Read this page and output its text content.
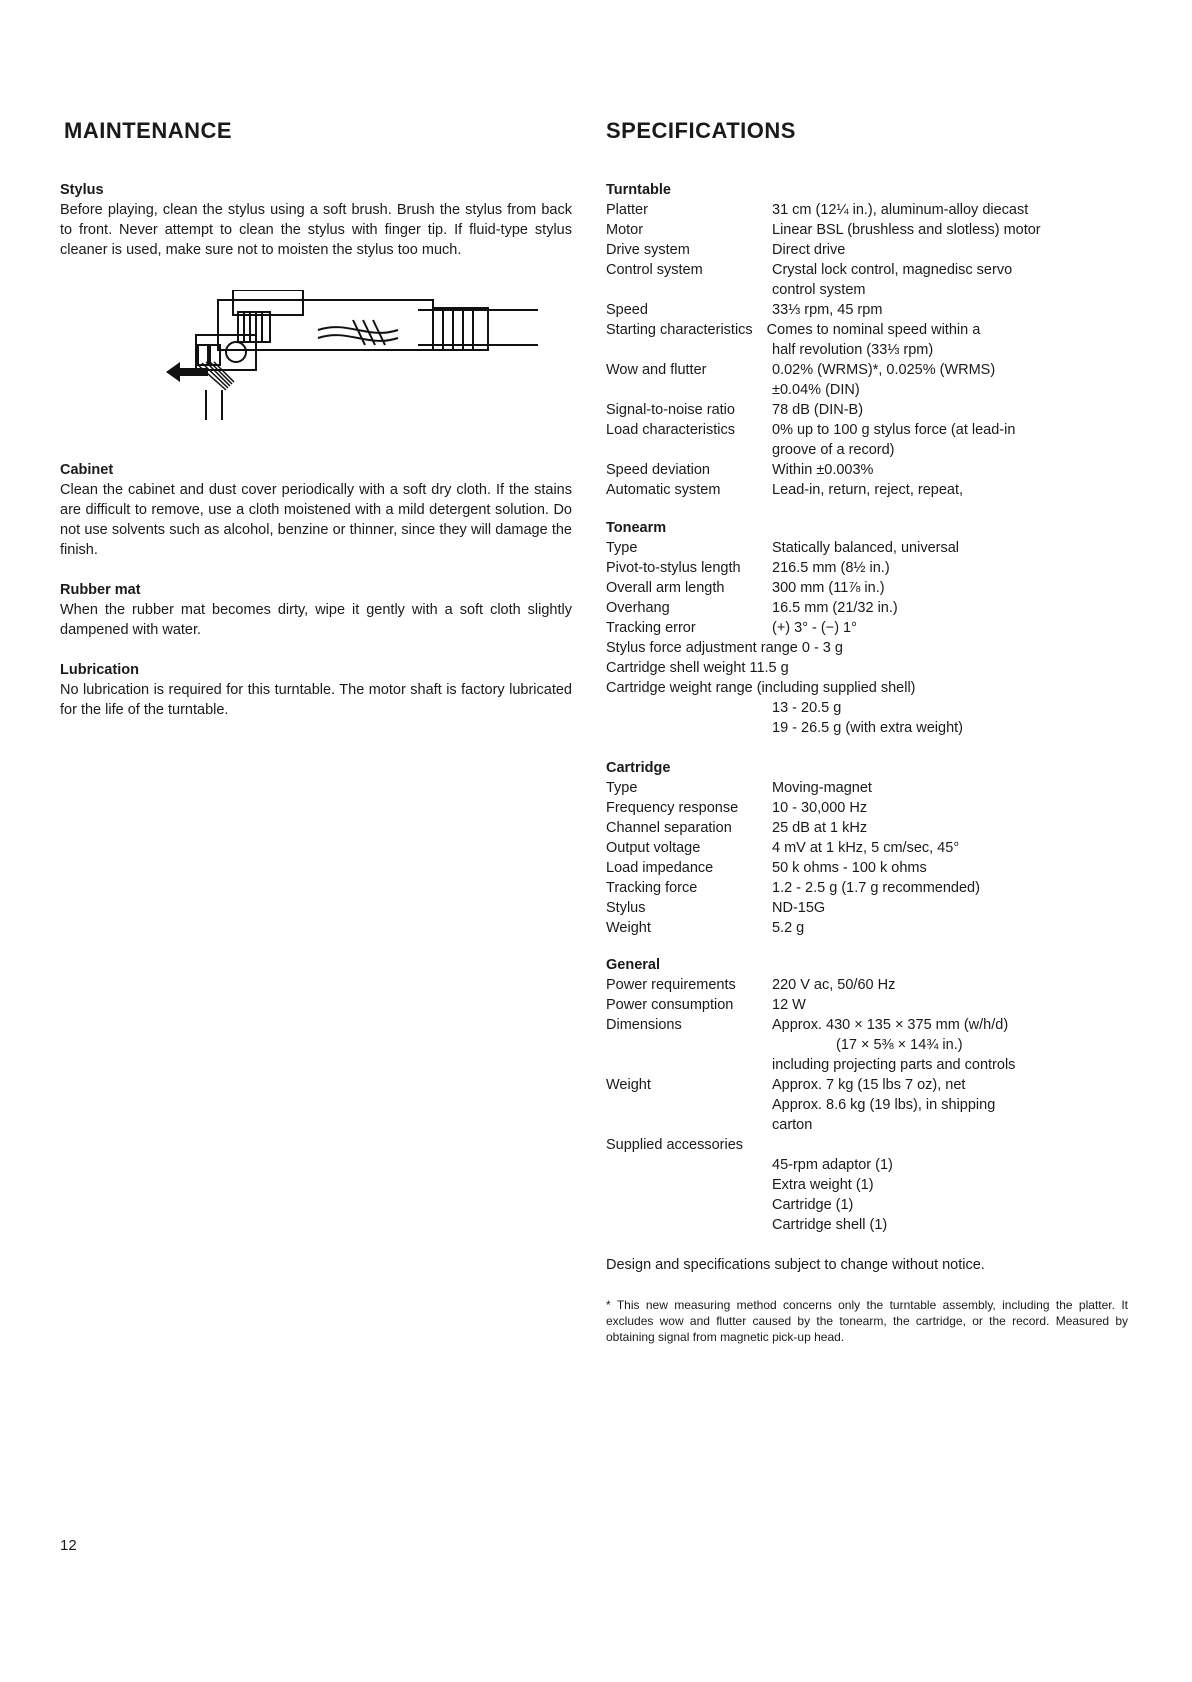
MAINTENANCE
Stylus

Before playing, clean the stylus using a soft brush. Brush the stylus from back to front. Never attempt to clean the stylus with finger tip. If fluid-type stylus cleaner is used, make sure not to moisten the stylus too much.

Cabinet

Clean the cabinet and dust cover periodically with a soft dry cloth. If the stains are difficult to remove, use a cloth moistened with a mild detergent solution. Do not use solvents such as alcohol, benzine or thinner, since they will damage the finish.

Rubber mat

When the rubber mat becomes dirty, wipe it gently with a soft cloth slightly dampened with water.

Lubrication

No lubrication is required for this turntable. The motor shaft is factory lubricated for the life of the turntable.

SPECIFICATIONS
Turntable
Platter	31 cm (12¼ in.), aluminum-alloy diecast
Motor	Linear BSL (brushless and slotless) motor
Drive system	Direct drive
Control system	Crystal lock control, magnedisc servo
control system
Speed	33⅓ rpm, 45 rpm
Starting characteristics Comes to nominal speed within a
half revolution (33⅓ rpm)
Wow and flutter	0.02% (WRMS)*, 0.025% (WRMS)
±0.04% (DIN)
Signal-to-noise ratio	78 dB (DIN-B)
Load characteristics	0% up to 100 g stylus force (at lead-in
groove of a record)
Speed deviation	Within ±0.003%
Automatic system	Lead-in, return, reject, repeat,
Tonearm
Type	Statically balanced, universal
Pivot-to-stylus length	216.5 mm (8½ in.)
Overall arm length	300 mm (11⅞ in.)
Overhang	16.5 mm (21/32 in.)
Tracking error	(+) 3° - (−) 1°
Stylus force adjustment range 0 - 3 g
Cartridge shell weight 11.5 g
Cartridge weight range (including supplied shell)
13 - 20.5 g
19 - 26.5 g (with extra weight)
Cartridge
Type	Moving-magnet
Frequency response	10 - 30,000 Hz
Channel separation	25 dB at 1 kHz
Output voltage	4 mV at 1 kHz, 5 cm/sec, 45°
Load impedance	50 k ohms - 100 k ohms
Tracking force	1.2 - 2.5 g (1.7 g recommended)
Stylus	ND-15G
Weight	5.2 g
General
Power requirements	220 V ac, 50/60 Hz
Power consumption	12 W
Dimensions	Approx. 430 × 135 × 375 mm (w/h/d)
(17 × 5⅜ × 14¾ in.)
including projecting parts and controls
Weight	Approx. 7 kg (15 lbs 7 oz), net
Approx. 8.6 kg (19 lbs), in shipping
carton
Supplied accessories
45-rpm adaptor (1)
Extra weight (1)
Cartridge (1)
Cartridge shell (1)
Design and specifications subject to change without notice.

* This new measuring method concerns only the turntable assembly, including the platter. It excludes wow and flutter caused by the tonearm, the cartridge, or the record. Measured by obtaining signal from magnetic pick-up head.

12
